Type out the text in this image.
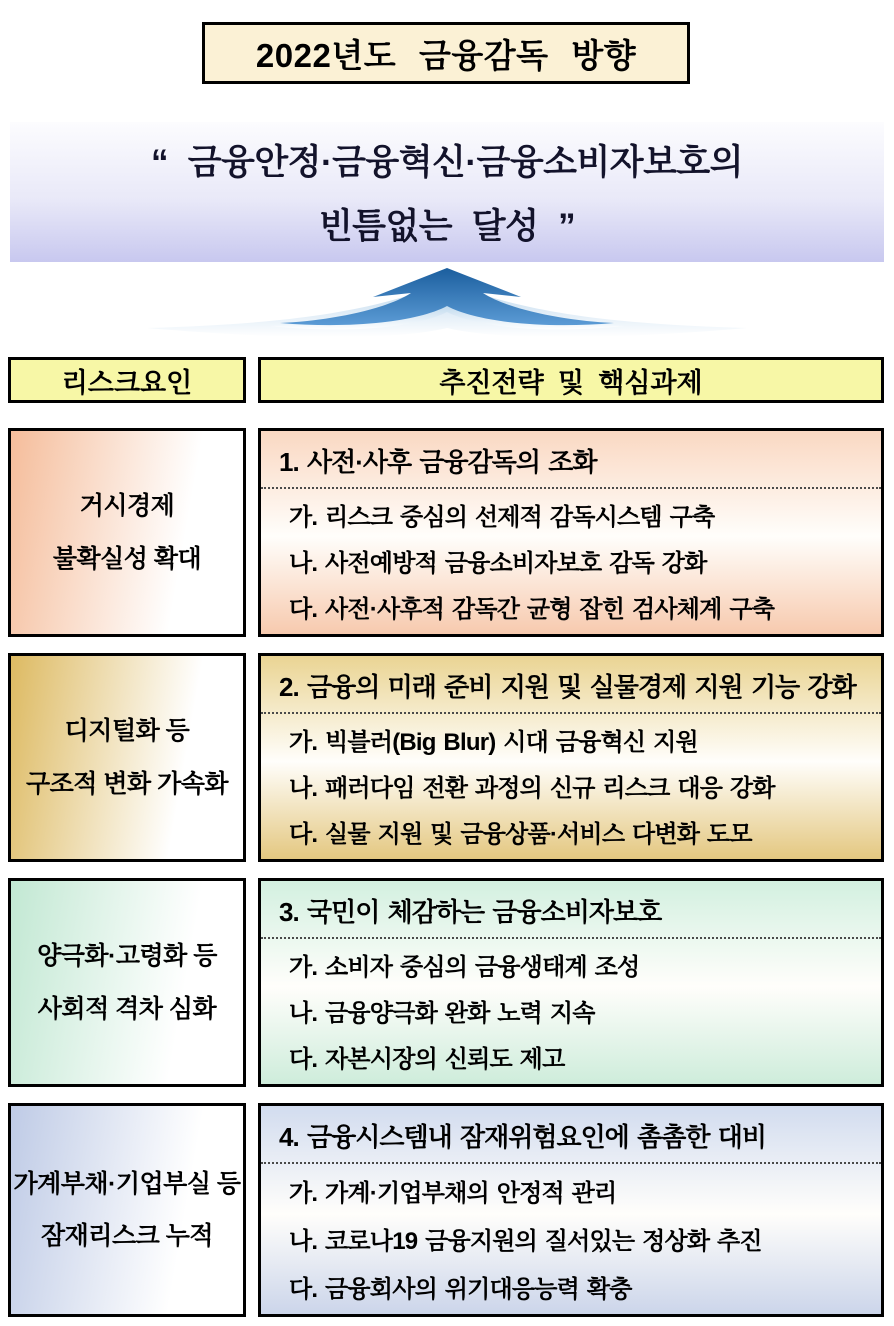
2022년도 금융감독 방향
“ 금융안정·금융혁신·금융소비자보호의
빈틈없는 달성 ”
리스크요인	추진전략 및 핵심과제
거시경제
불확실성 확대
1. 사전·사후 금융감독의 조화
가. 리스크 중심의 선제적 감독시스템 구축
나. 사전예방적 금융소비자보호 감독 강화
다. 사전·사후적 감독간 균형 잡힌 검사체계 구축
디지털화 등
구조적 변화 가속화
2. 금융의 미래 준비 지원 및 실물경제 지원 기능 강화
가. 빅블러(Big Blur) 시대 금융혁신 지원
나. 패러다임 전환 과정의 신규 리스크 대응 강화
다. 실물 지원 및 금융상품·서비스 다변화 도모
양극화·고령화 등
사회적 격차 심화
3. 국민이 체감하는 금융소비자보호
가. 소비자 중심의 금융생태계 조성
나. 금융양극화 완화 노력 지속
다. 자본시장의 신뢰도 제고
가계부채·기업부실 등
잠재리스크 누적
4. 금융시스템내 잠재위험요인에 촘촘한 대비
가. 가계·기업부채의 안정적 관리
나. 코로나19 금융지원의 질서있는 정상화 추진
다. 금융회사의 위기대응능력 확충
